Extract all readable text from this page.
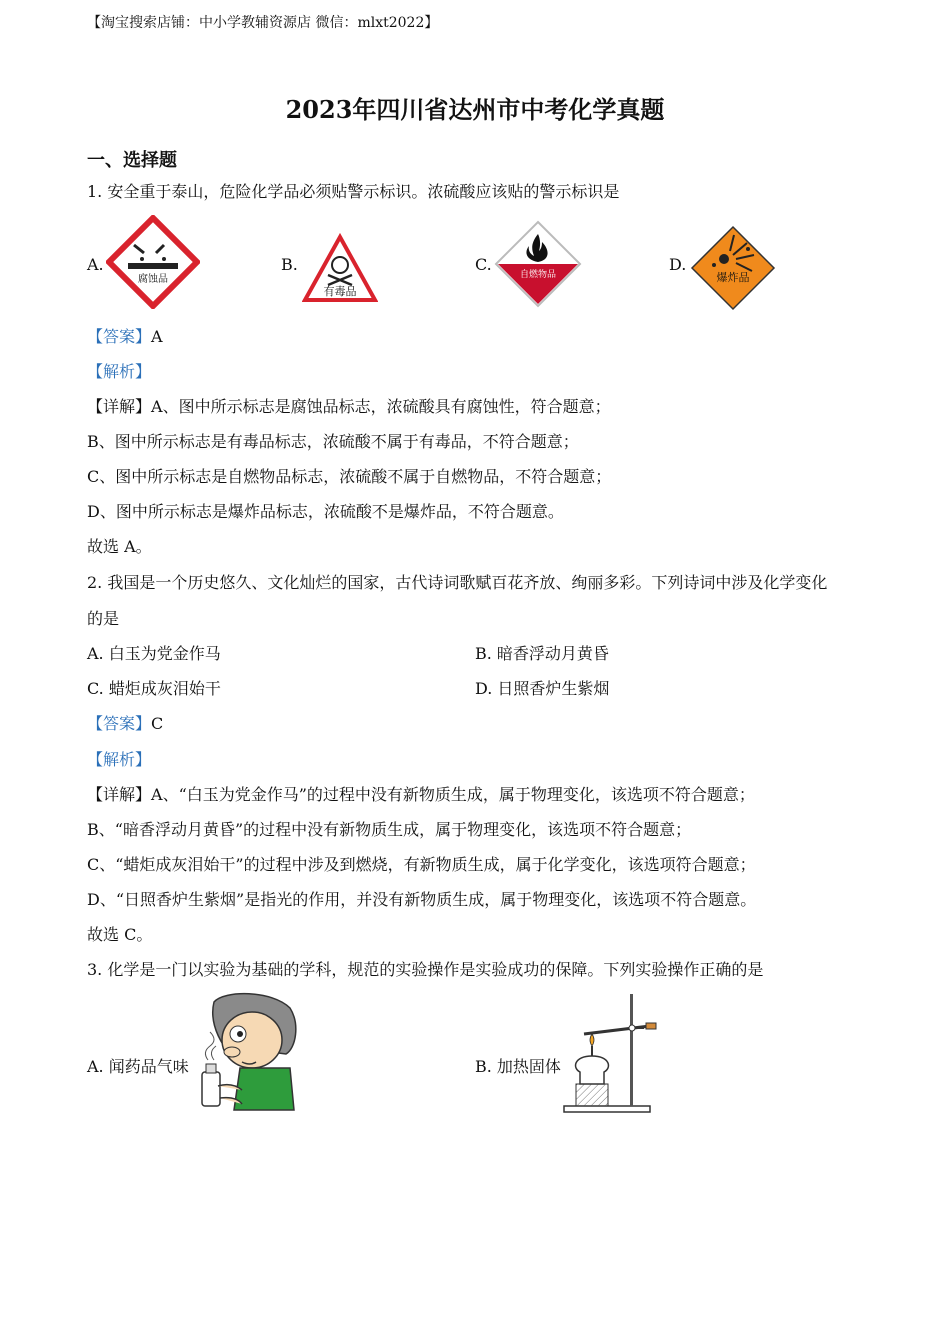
【淘宝搜索店铺：中小学教辅资源店 微信：mlxt2022】
2023年四川省达州市中考化学真题
一、选择题
1. 安全重于泰山，危险化学品必须贴警示标识。浓硫酸应该贴的警示标识是
A.
腐蚀品
B.
有毒品
C.
自燃物品
D.
爆炸品
【答案】A
【解析】
【详解】A、图中所示标志是腐蚀品标志，浓硫酸具有腐蚀性，符合题意；
B、图中所示标志是有毒品标志，浓硫酸不属于有毒品，不符合题意；
C、图中所示标志是自燃物品标志，浓硫酸不属于自燃物品，不符合题意；
D、图中所示标志是爆炸品标志，浓硫酸不是爆炸品，不符合题意。
故选 A。
2. 我国是一个历史悠久、文化灿烂的国家，古代诗词歌赋百花齐放、绚丽多彩。下列诗词中涉及化学变化
的是
A. 白玉为党金作马	B. 暗香浮动月黄昏
C. 蜡炬成灰泪始干	D. 日照香炉生紫烟
【答案】C
【解析】
【详解】A、“白玉为党金作马”的过程中没有新物质生成，属于物理变化，该选项不符合题意；
B、“暗香浮动月黄昏”的过程中没有新物质生成，属于物理变化，该选项不符合题意；
C、“蜡炬成灰泪始干”的过程中涉及到燃烧，有新物质生成，属于化学变化，该选项符合题意；
D、“日照香炉生紫烟”是指光的作用，并没有新物质生成，属于物理变化，该选项不符合题意。
故选 C。
3. 化学是一门以实验为基础的学科，规范的实验操作是实验成功的保障。下列实验操作正确的是
A. 闻药品气味	B. 加热固体
